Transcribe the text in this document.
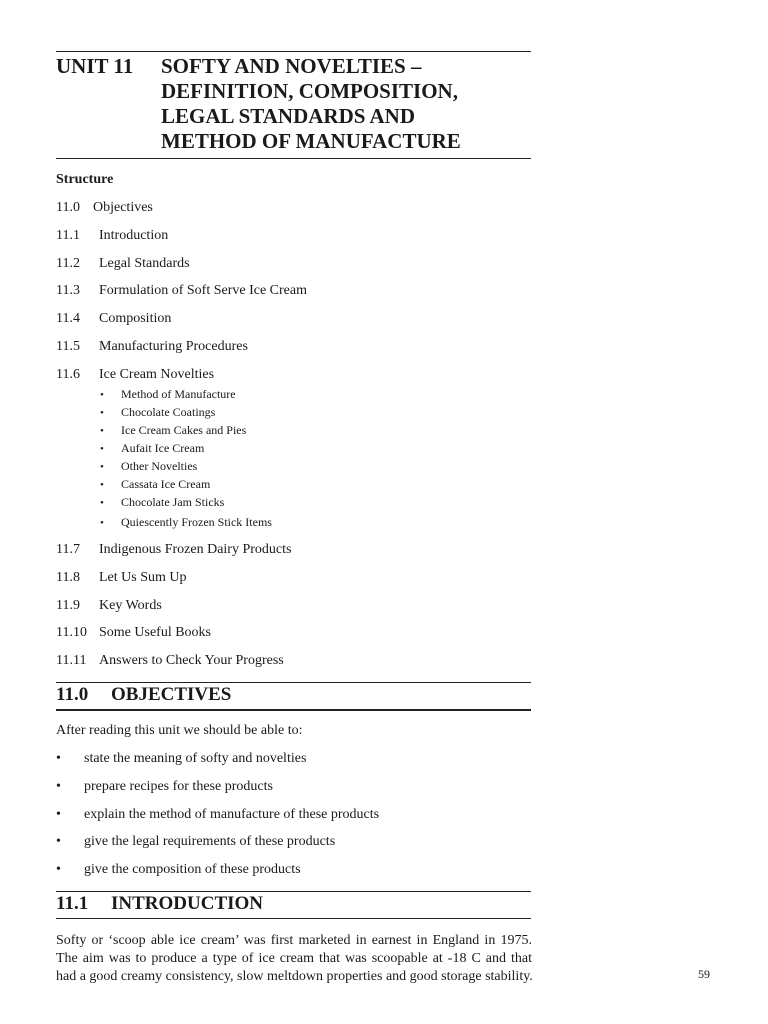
UNIT 11 SOFTY AND NOVELTIES –
DEFINITION, COMPOSITION,
LEGAL STANDARDS AND
METHOD OF MANUFACTURE
Structure
11.0 Objectives
11.1 Introduction
11.2 Legal Standards
11.3 Formulation of Soft Serve Ice Cream
11.4 Composition
11.5 Manufacturing Procedures
11.6 Ice Cream Novelties
• Method of Manufacture
• Chocolate Coatings
• Ice Cream Cakes and Pies
• Aufait Ice Cream
• Other Novelties
• Cassata Ice Cream
• Chocolate Jam Sticks
• Quiescently Frozen Stick Items
11.7 Indigenous Frozen Dairy Products
11.8 Let Us Sum Up
11.9 Key Words
11.10 Some Useful Books
11.11 Answers to Check Your Progress
11.0 OBJECTIVES
After reading this unit we should be able to:
• state the meaning of softy and novelties
• prepare recipes for these products
• explain the method of manufacture of these products
• give the legal requirements of these products
• give the composition of these products
11.1 INTRODUCTION
Softy or ‘scoop able ice cream’ was first marketed in earnest in England in 1975.
The aim was to produce a type of ice cream that was scoopable at -18 C and that
had a good creamy consistency, slow meltdown properties and good storage stability.	59
